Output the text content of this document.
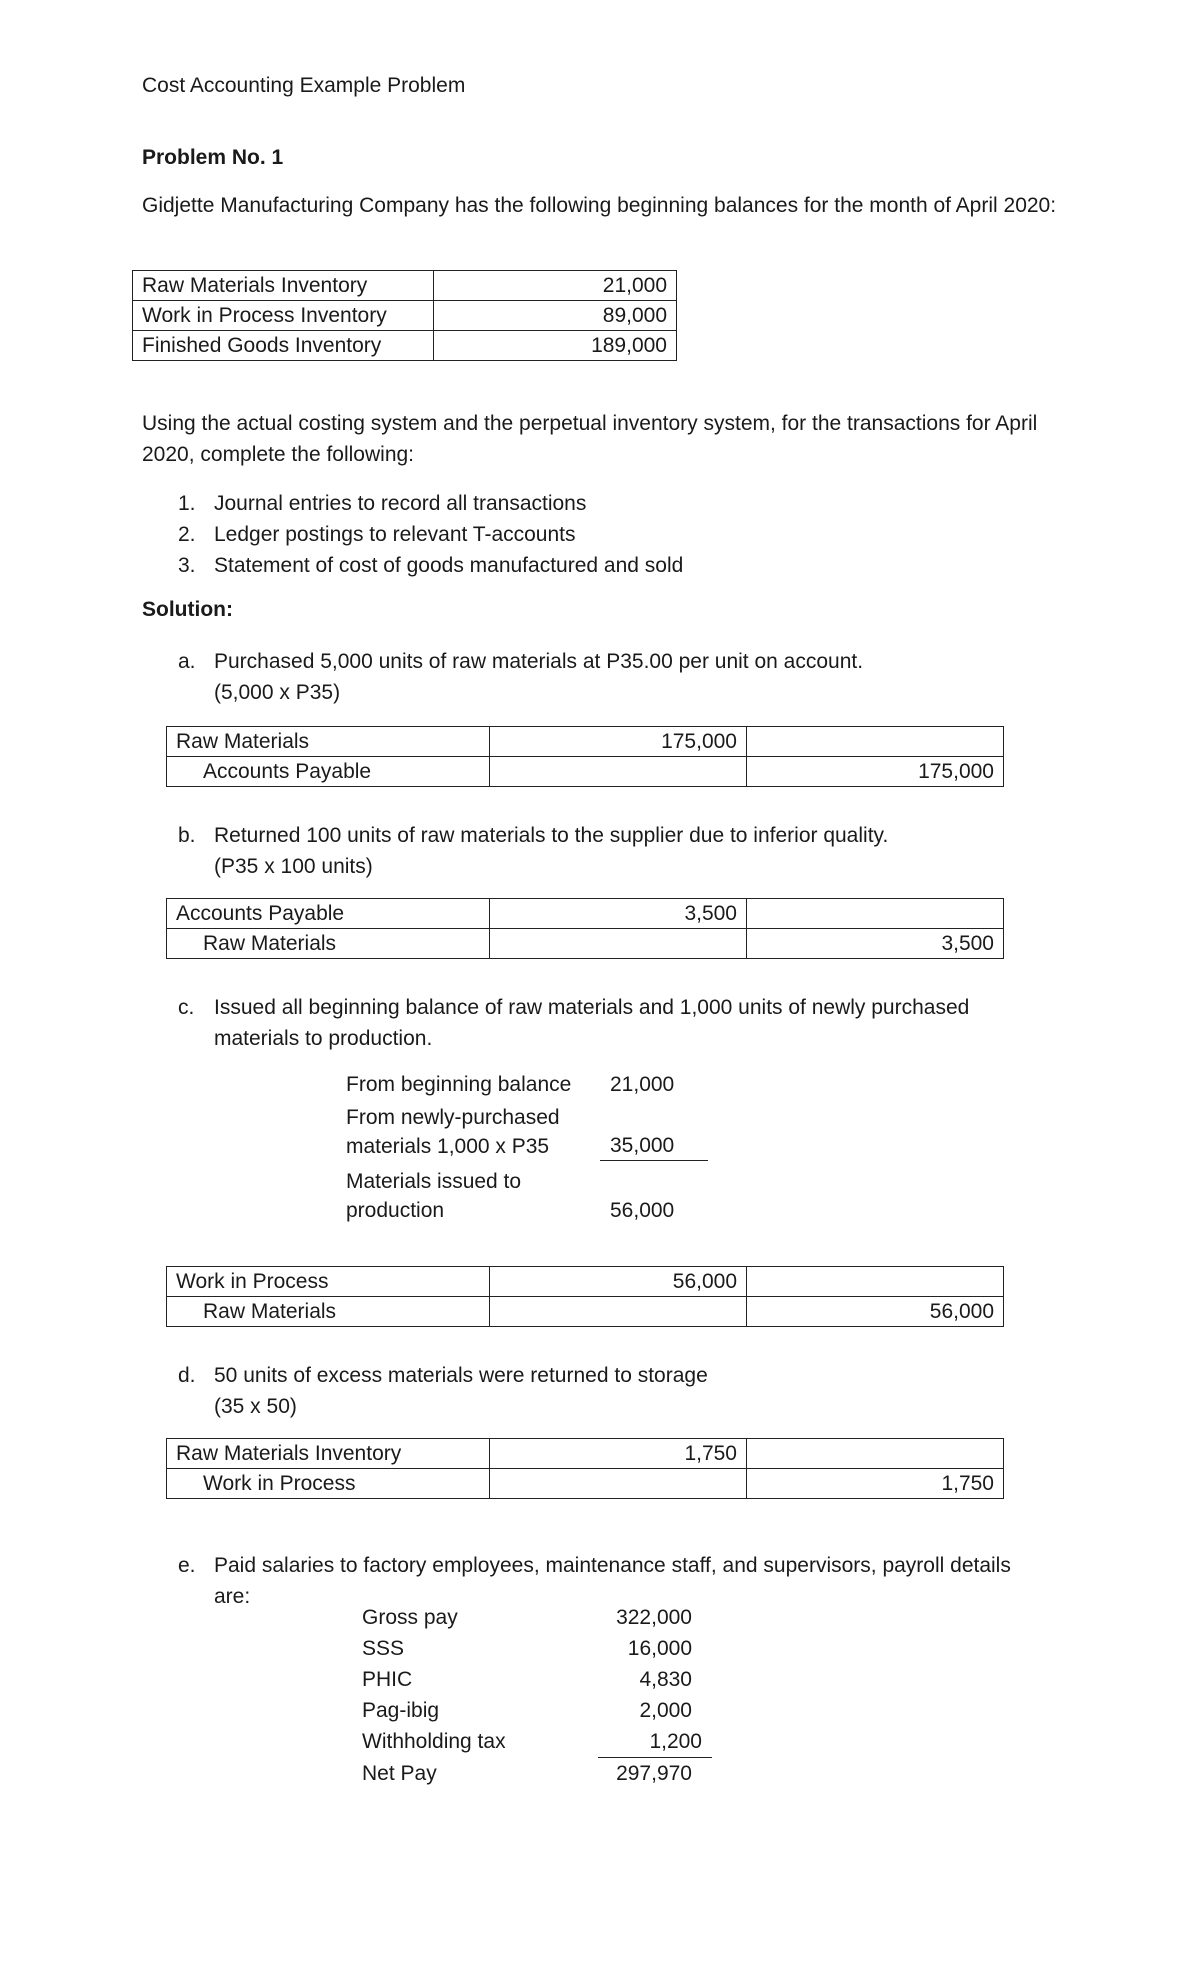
Cost Accounting Example Problem
Problem No. 1
Gidjette Manufacturing Company has the following beginning balances for the month of April 2020:
Raw Materials Inventory	21,000
Work in Process Inventory	89,000
Finished Goods Inventory	189,000
Using the actual costing system and the perpetual inventory system, for the transactions for April 2020, complete the following:
1. Journal entries to record all transactions
2. Ledger postings to relevant T-accounts
3. Statement of cost of goods manufactured and sold
Solution:
a. Purchased 5,000 units of raw materials at P35.00 per unit on account.
(5,000 x P35)
Raw Materials	175,000	
Accounts Payable		175,000
b. Returned 100 units of raw materials to the supplier due to inferior quality.
(P35 x 100 units)
Accounts Payable	3,500	
Raw Materials		3,500
c. Issued all beginning balance of raw materials and 1,000 units of newly purchased
materials to production.
From beginning balance	21,000
From newly-purchased
materials 1,000 x P35	35,000
Materials issued to
production	56,000
Work in Process	56,000	
Raw Materials		56,000
d. 50 units of excess materials were returned to storage
(35 x 50)
Raw Materials Inventory	1,750	
Work in Process		1,750
e. Paid salaries to factory employees, maintenance staff, and supervisors, payroll details
are:
Gross pay	322,000
SSS	16,000
PHIC	4,830
Pag-ibig	2,000
Withholding tax	1,200
Net Pay	297,970
